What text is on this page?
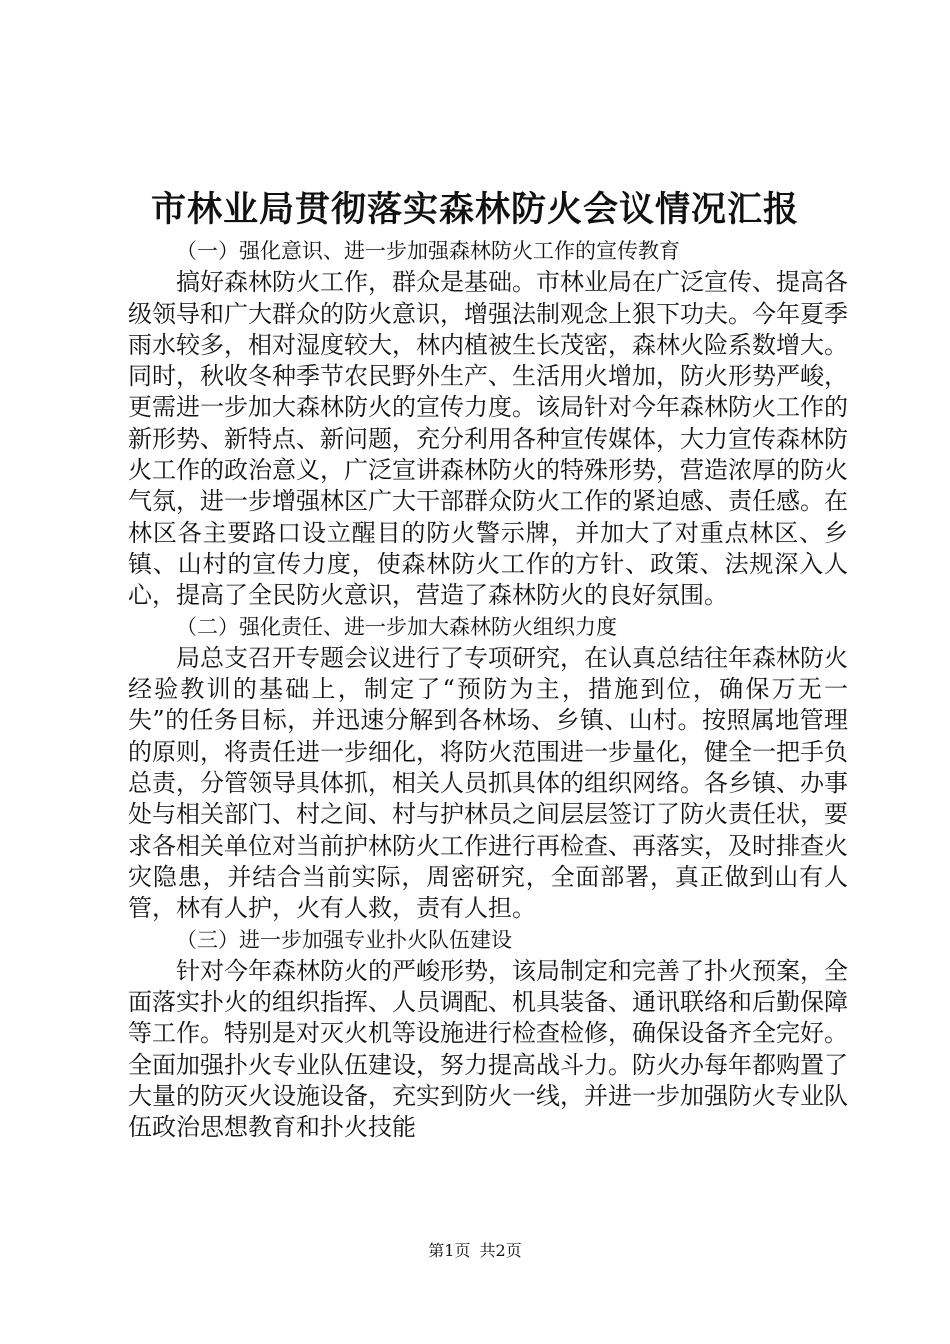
市林业局贯彻落实森林防火会议情况汇报

（一）强化意识、进一步加强森林防火工作的宣传教育

搞好森林防火工作，群众是基础。市林业局在广泛宣传、提高各级领导和广大群众的防火意识，增强法制观念上狠下功夫。今年夏季雨水较多，相对湿度较大，林内植被生长茂密，森林火险系数增大。同时，秋收冬种季节农民野外生产、生活用火增加，防火形势严峻，更需进一步加大森林防火的宣传力度。该局针对今年森林防火工作的新形势、新特点、新问题，充分利用各种宣传媒体，大力宣传森林防火工作的政治意义，广泛宣讲森林防火的特殊形势，营造浓厚的防火气氛，进一步增强林区广大干部群众防火工作的紧迫感、责任感。在林区各主要路口设立醒目的防火警示牌，并加大了对重点林区、乡镇、山村的宣传力度，使森林防火工作的方针、政策、法规深入人心，提高了全民防火意识，营造了森林防火的良好氛围。

（二）强化责任、进一步加大森林防火组织力度

局总支召开专题会议进行了专项研究，在认真总结往年森林防火经验教训的基础上，制定了“预防为主，措施到位，确保万无一失”的任务目标，并迅速分解到各林场、乡镇、山村。按照属地管理的原则，将责任进一步细化，将防火范围进一步量化，健全一把手负总责，分管领导具体抓，相关人员抓具体的组织网络。各乡镇、办事处与相关部门、村之间、村与护林员之间层层签订了防火责任状，要求各相关单位对当前护林防火工作进行再检查、再落实，及时排查火灾隐患，并结合当前实际，周密研究，全面部署，真正做到山有人管，林有人护，火有人救，责有人担。

（三）进一步加强专业扑火队伍建设

针对今年森林防火的严峻形势，该局制定和完善了扑火预案，全面落实扑火的组织指挥、人员调配、机具装备、通讯联络和后勤保障等工作。特别是对灭火机等设施进行检查检修，确保设备齐全完好。全面加强扑火专业队伍建设，努力提高战斗力。防火办每年都购置了大量的防灭火设施设备，充实到防火一线，并进一步加强防火专业队伍政治思想教育和扑火技能

第1页 共2页
